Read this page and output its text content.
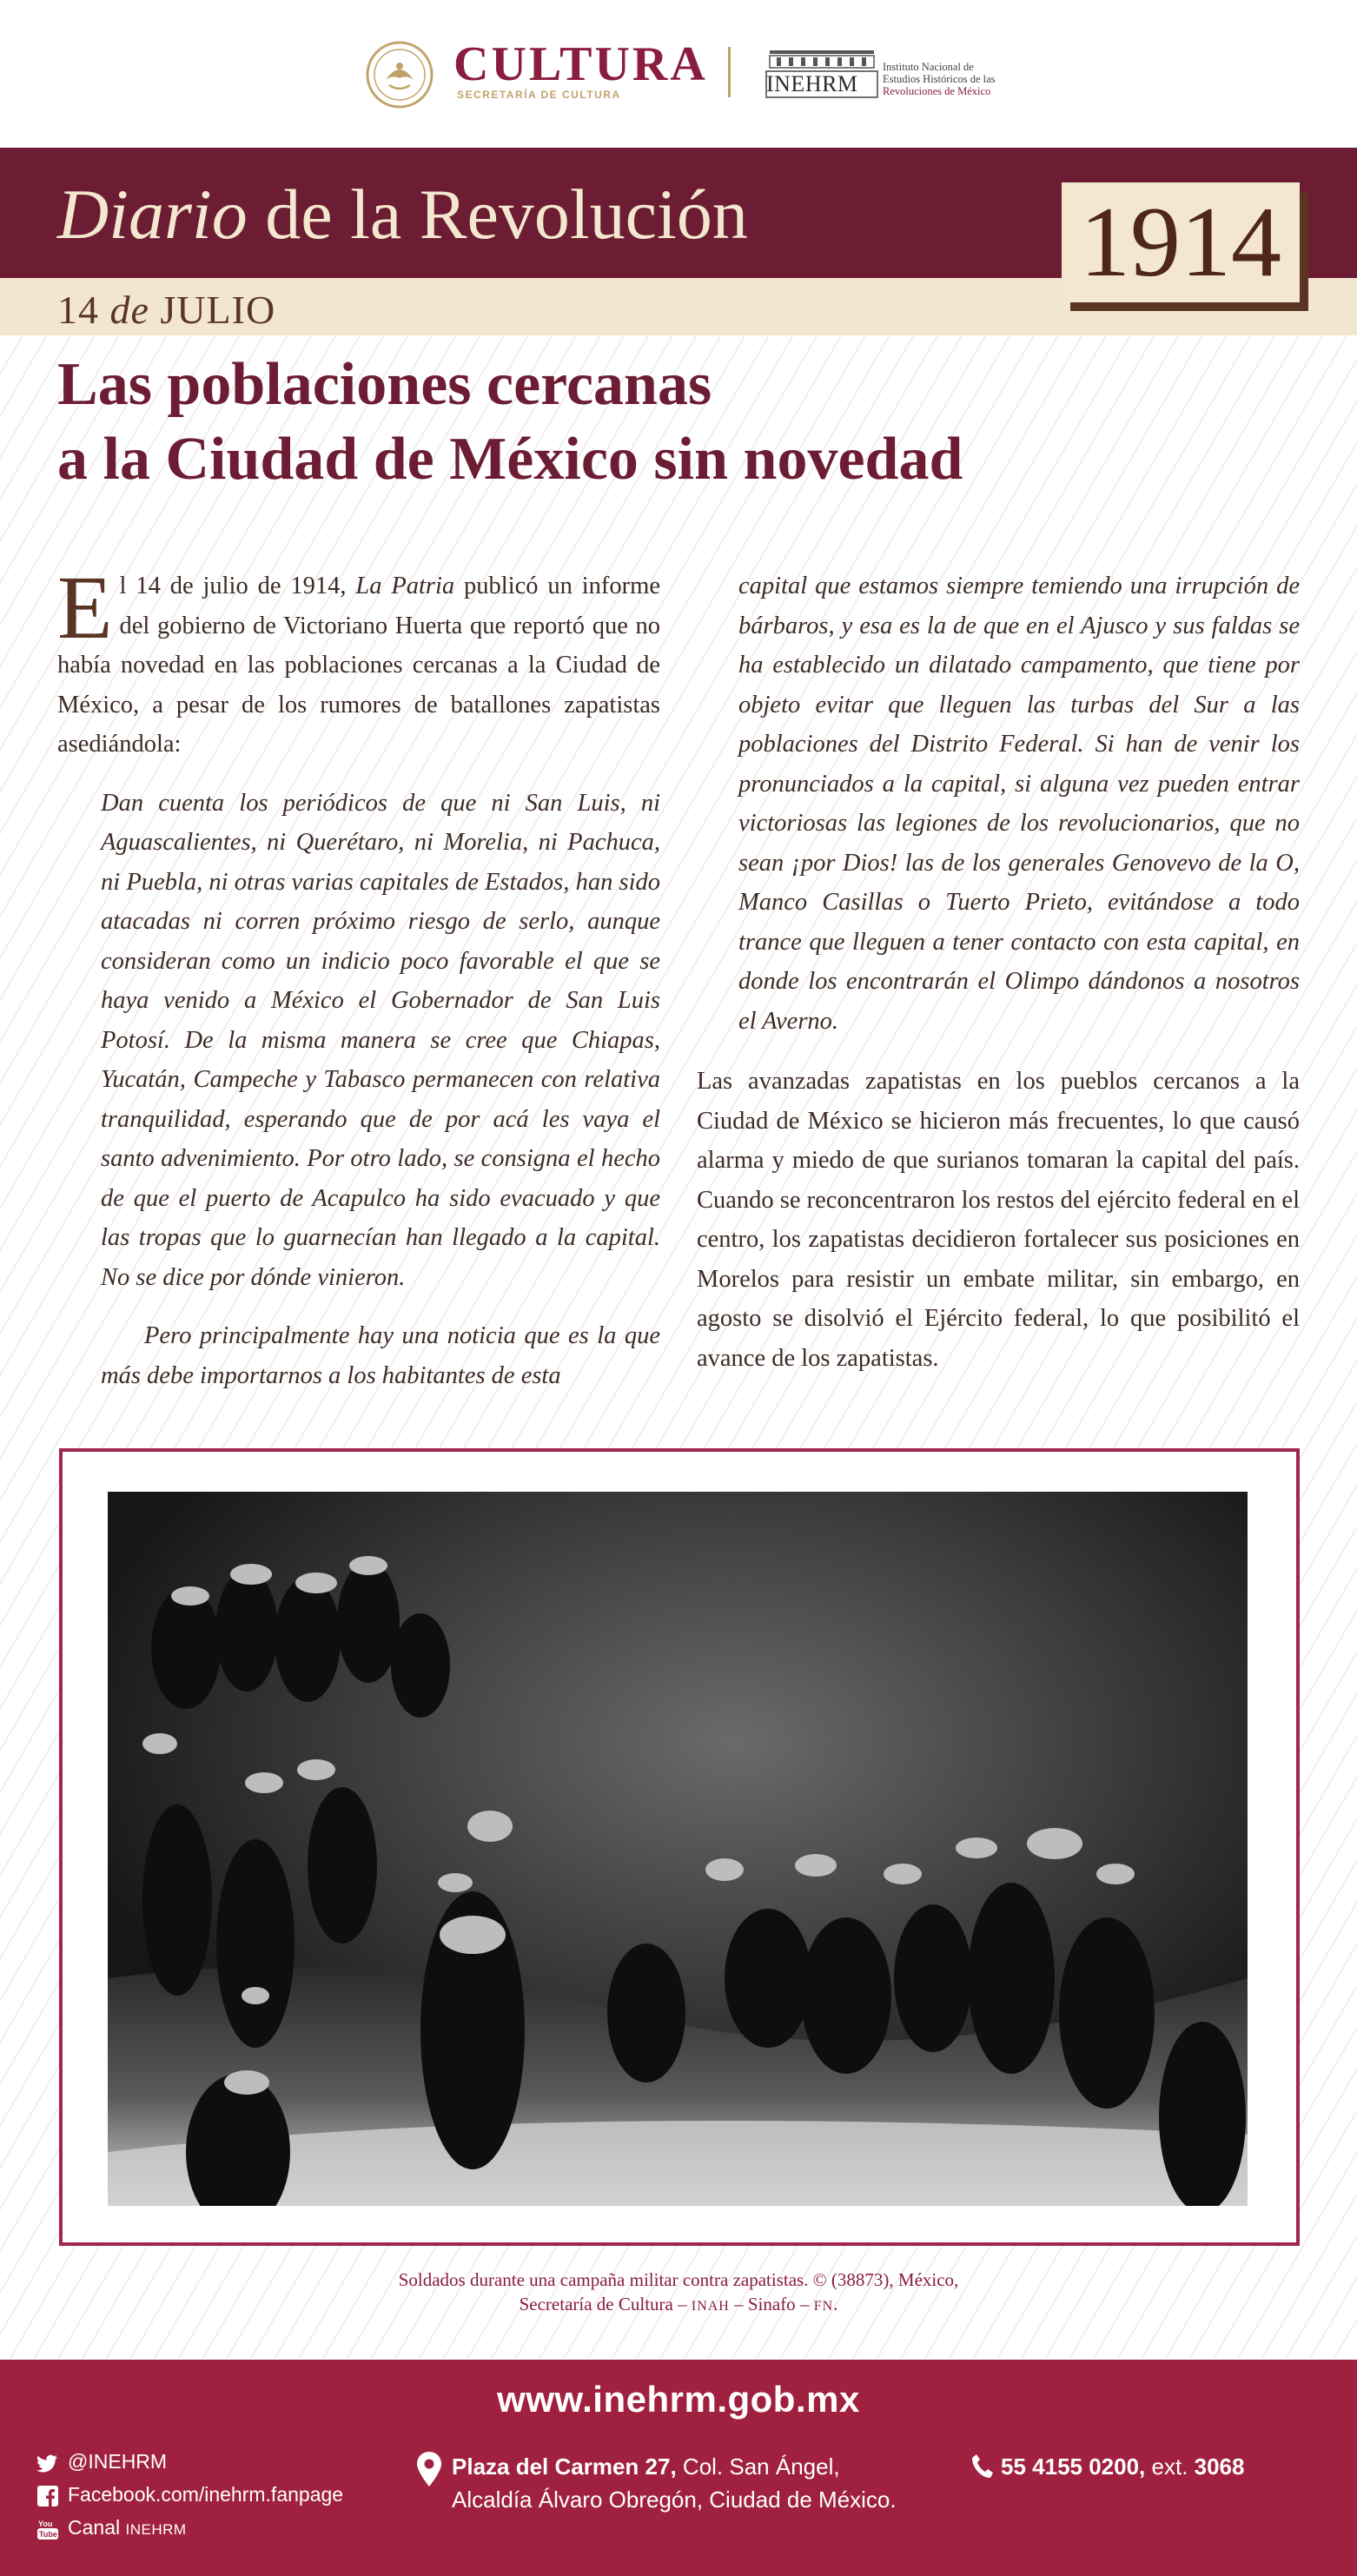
CULTURA
SECRETARÍA DE CULTURA	INEHRM
Instituto Nacional de
Estudios Históricos de las
Revoluciones de México
Diario de la Revolución
14 de JULIO
1914
Las poblaciones cercanas
a la Ciudad de México sin novedad

El 14 de julio de 1914, La Patria publicó un informe del gobierno de Victoriano Huerta que reportó que no había novedad en las poblaciones cercanas a la Ciudad de México, a pesar de los rumores de batallones zapatistas asediándola:

Dan cuenta los periódicos de que ni San Luis, ni Aguascalientes, ni Querétaro, ni Morelia, ni Pachuca, ni Puebla, ni otras varias capitales de Estados, han sido atacadas ni corren próximo riesgo de serlo, aunque consideran como un indicio poco favorable el que se haya venido a México el Gobernador de San Luis Potosí. De la misma manera se cree que Chiapas, Yucatán, Campeche y Tabasco permanecen con relativa tranquilidad, esperando que de por acá les vaya el santo advenimiento. Por otro lado, se consigna el hecho de que el puerto de Acapulco ha sido evacuado y que las tropas que lo guarnecían han llegado a la capital. No se dice por dónde vinieron.

Pero principalmente hay una noticia que es la que más debe importarnos a los habitantes de esta

capital que estamos siempre temiendo una irrupción de bárbaros, y esa es la de que en el Ajusco y sus faldas se ha establecido un dilatado campamento, que tiene por objeto evitar que lleguen las turbas del Sur a las poblaciones del Distrito Federal. Si han de venir los pronunciados a la capital, si alguna vez pueden entrar victoriosas las legiones de los revolucionarios, que no sean ¡por Dios! las de los generales Genovevo de la O, Manco Casillas o Tuerto Prieto, evitándose a todo trance que lleguen a tener contacto con esta capital, en donde los encontrarán el Olimpo dándonos a nosotros el Averno.

Las avanzadas zapatistas en los pueblos cercanos a la Ciudad de México se hicieron más frecuentes, lo que causó alarma y miedo de que surianos tomaran la capital del país. Cuando se reconcentraron los restos del ejército federal en el centro, los zapatistas decidieron fortalecer sus posiciones en Morelos para resistir un embate militar, sin embargo, en agosto se disolvió el Ejército federal, lo que posibilitó el avance de los zapatistas.

Soldados durante una campaña militar contra zapatistas. © (38873), México,
Secretaría de Cultura – INAH – Sinafo – FN.
www.inehrm.gob.mx
@INEHRM
Facebook.com/inehrm.fanpage
You
Tube Canal INEHRM
Plaza del Carmen 27, Col. San Ángel,
Alcaldía Álvaro Obregón, Ciudad de México.
55 4155 0200, ext. 3068
